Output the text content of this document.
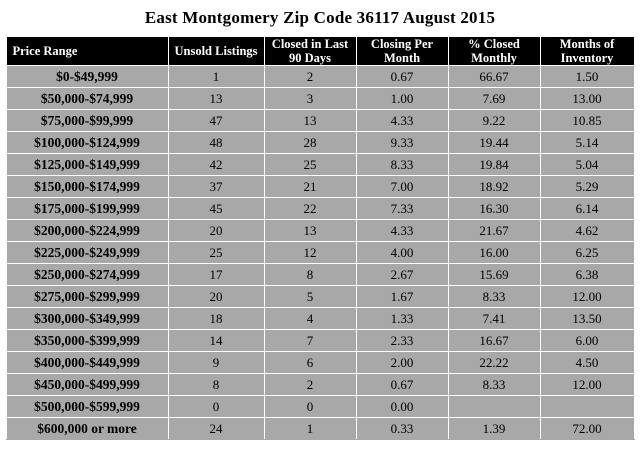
East Montgomery Zip Code 36117 August 2015
Price Range	Unsold Listings	Closed in Last 90 Days	Closing Per Month	% Closed Monthly	Months of Inventory
$0-$49,999	1	2	0.67	66.67	1.50
$50,000-$74,999	13	3	1.00	7.69	13.00
$75,000-$99,999	47	13	4.33	9.22	10.85
$100,000-$124,999	48	28	9.33	19.44	5.14
$125,000-$149,999	42	25	8.33	19.84	5.04
$150,000-$174,999	37	21	7.00	18.92	5.29
$175,000-$199,999	45	22	7.33	16.30	6.14
$200,000-$224,999	20	13	4.33	21.67	4.62
$225,000-$249,999	25	12	4.00	16.00	6.25
$250,000-$274,999	17	8	2.67	15.69	6.38
$275,000-$299,999	20	5	1.67	8.33	12.00
$300,000-$349,999	18	4	1.33	7.41	13.50
$350,000-$399,999	14	7	2.33	16.67	6.00
$400,000-$449,999	9	6	2.00	22.22	4.50
$450,000-$499,999	8	2	0.67	8.33	12.00
$500,000-$599,999	0	0	0.00		
$600,000 or more	24	1	0.33	1.39	72.00
